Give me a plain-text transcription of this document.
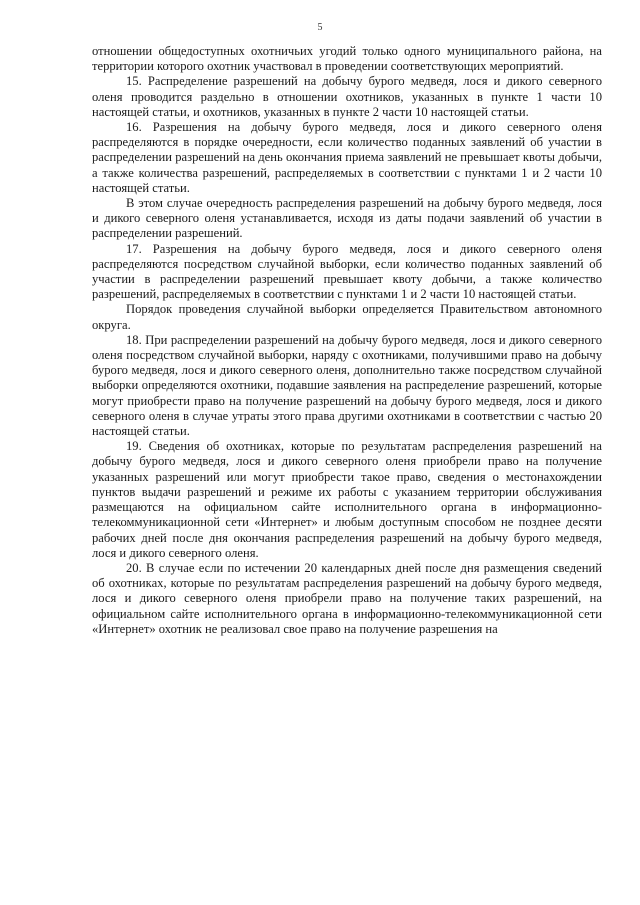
5

отношении общедоступных охотничьих угодий только одного муниципального района, на территории которого охотник участвовал в проведении соответствующих мероприятий.

15. Распределение разрешений на добычу бурого медведя, лося и дикого северного оленя проводится раздельно в отношении охотников, указанных в пункте 1 части 10 настоящей статьи, и охотников, указанных в пункте 2 части 10 настоящей статьи.

16. Разрешения на добычу бурого медведя, лося и дикого северного оленя распределяются в порядке очередности, если количество поданных заявлений об участии в распределении разрешений на день окончания приема заявлений не превышает квоты добычи, а также количества разрешений, распределяемых в соответствии с пунктами 1 и 2 части 10 настоящей статьи.

В этом случае очередность распределения разрешений на добычу бурого медведя, лося и дикого северного оленя устанавливается, исходя из даты подачи заявлений об участии в распределении разрешений.

17. Разрешения на добычу бурого медведя, лося и дикого северного оленя распределяются посредством случайной выборки, если количество поданных заявлений об участии в распределении разрешений превышает квоту добычи, а также количество разрешений, распределяемых в соответствии с пунктами 1 и 2 части 10 настоящей статьи.

Порядок проведения случайной выборки определяется Правительством автономного округа.

18. При распределении разрешений на добычу бурого медведя, лося и дикого северного оленя посредством случайной выборки, наряду с охотниками, получившими право на добычу бурого медведя, лося и дикого северного оленя, дополнительно также посредством случайной выборки определяются охотники, подавшие заявления на распределение разрешений, которые могут приобрести право на получение разрешений на добычу бурого медведя, лося и дикого северного оленя в случае утраты этого права другими охотниками в соответствии с частью 20 настоящей статьи.

19. Сведения об охотниках, которые по результатам распределения разрешений на добычу бурого медведя, лося и дикого северного оленя приобрели право на получение указанных разрешений или могут приобрести такое право, сведения о местонахождении пунктов выдачи разрешений и режиме их работы с указанием территории обслуживания размещаются на официальном сайте исполнительного органа в информационно-телекоммуникационной сети «Интернет» и любым доступным способом не позднее десяти рабочих дней после дня окончания распределения разрешений на добычу бурого медведя, лося и дикого северного оленя.

20. В случае если по истечении 20 календарных дней после дня размещения сведений об охотниках, которые по результатам распределения разрешений на добычу бурого медведя, лося и дикого северного оленя приобрели право на получение таких разрешений, на официальном сайте исполнительного органа в информационно-телекоммуникационной сети «Интернет» охотник не реализовал свое право на получение разрешения на
